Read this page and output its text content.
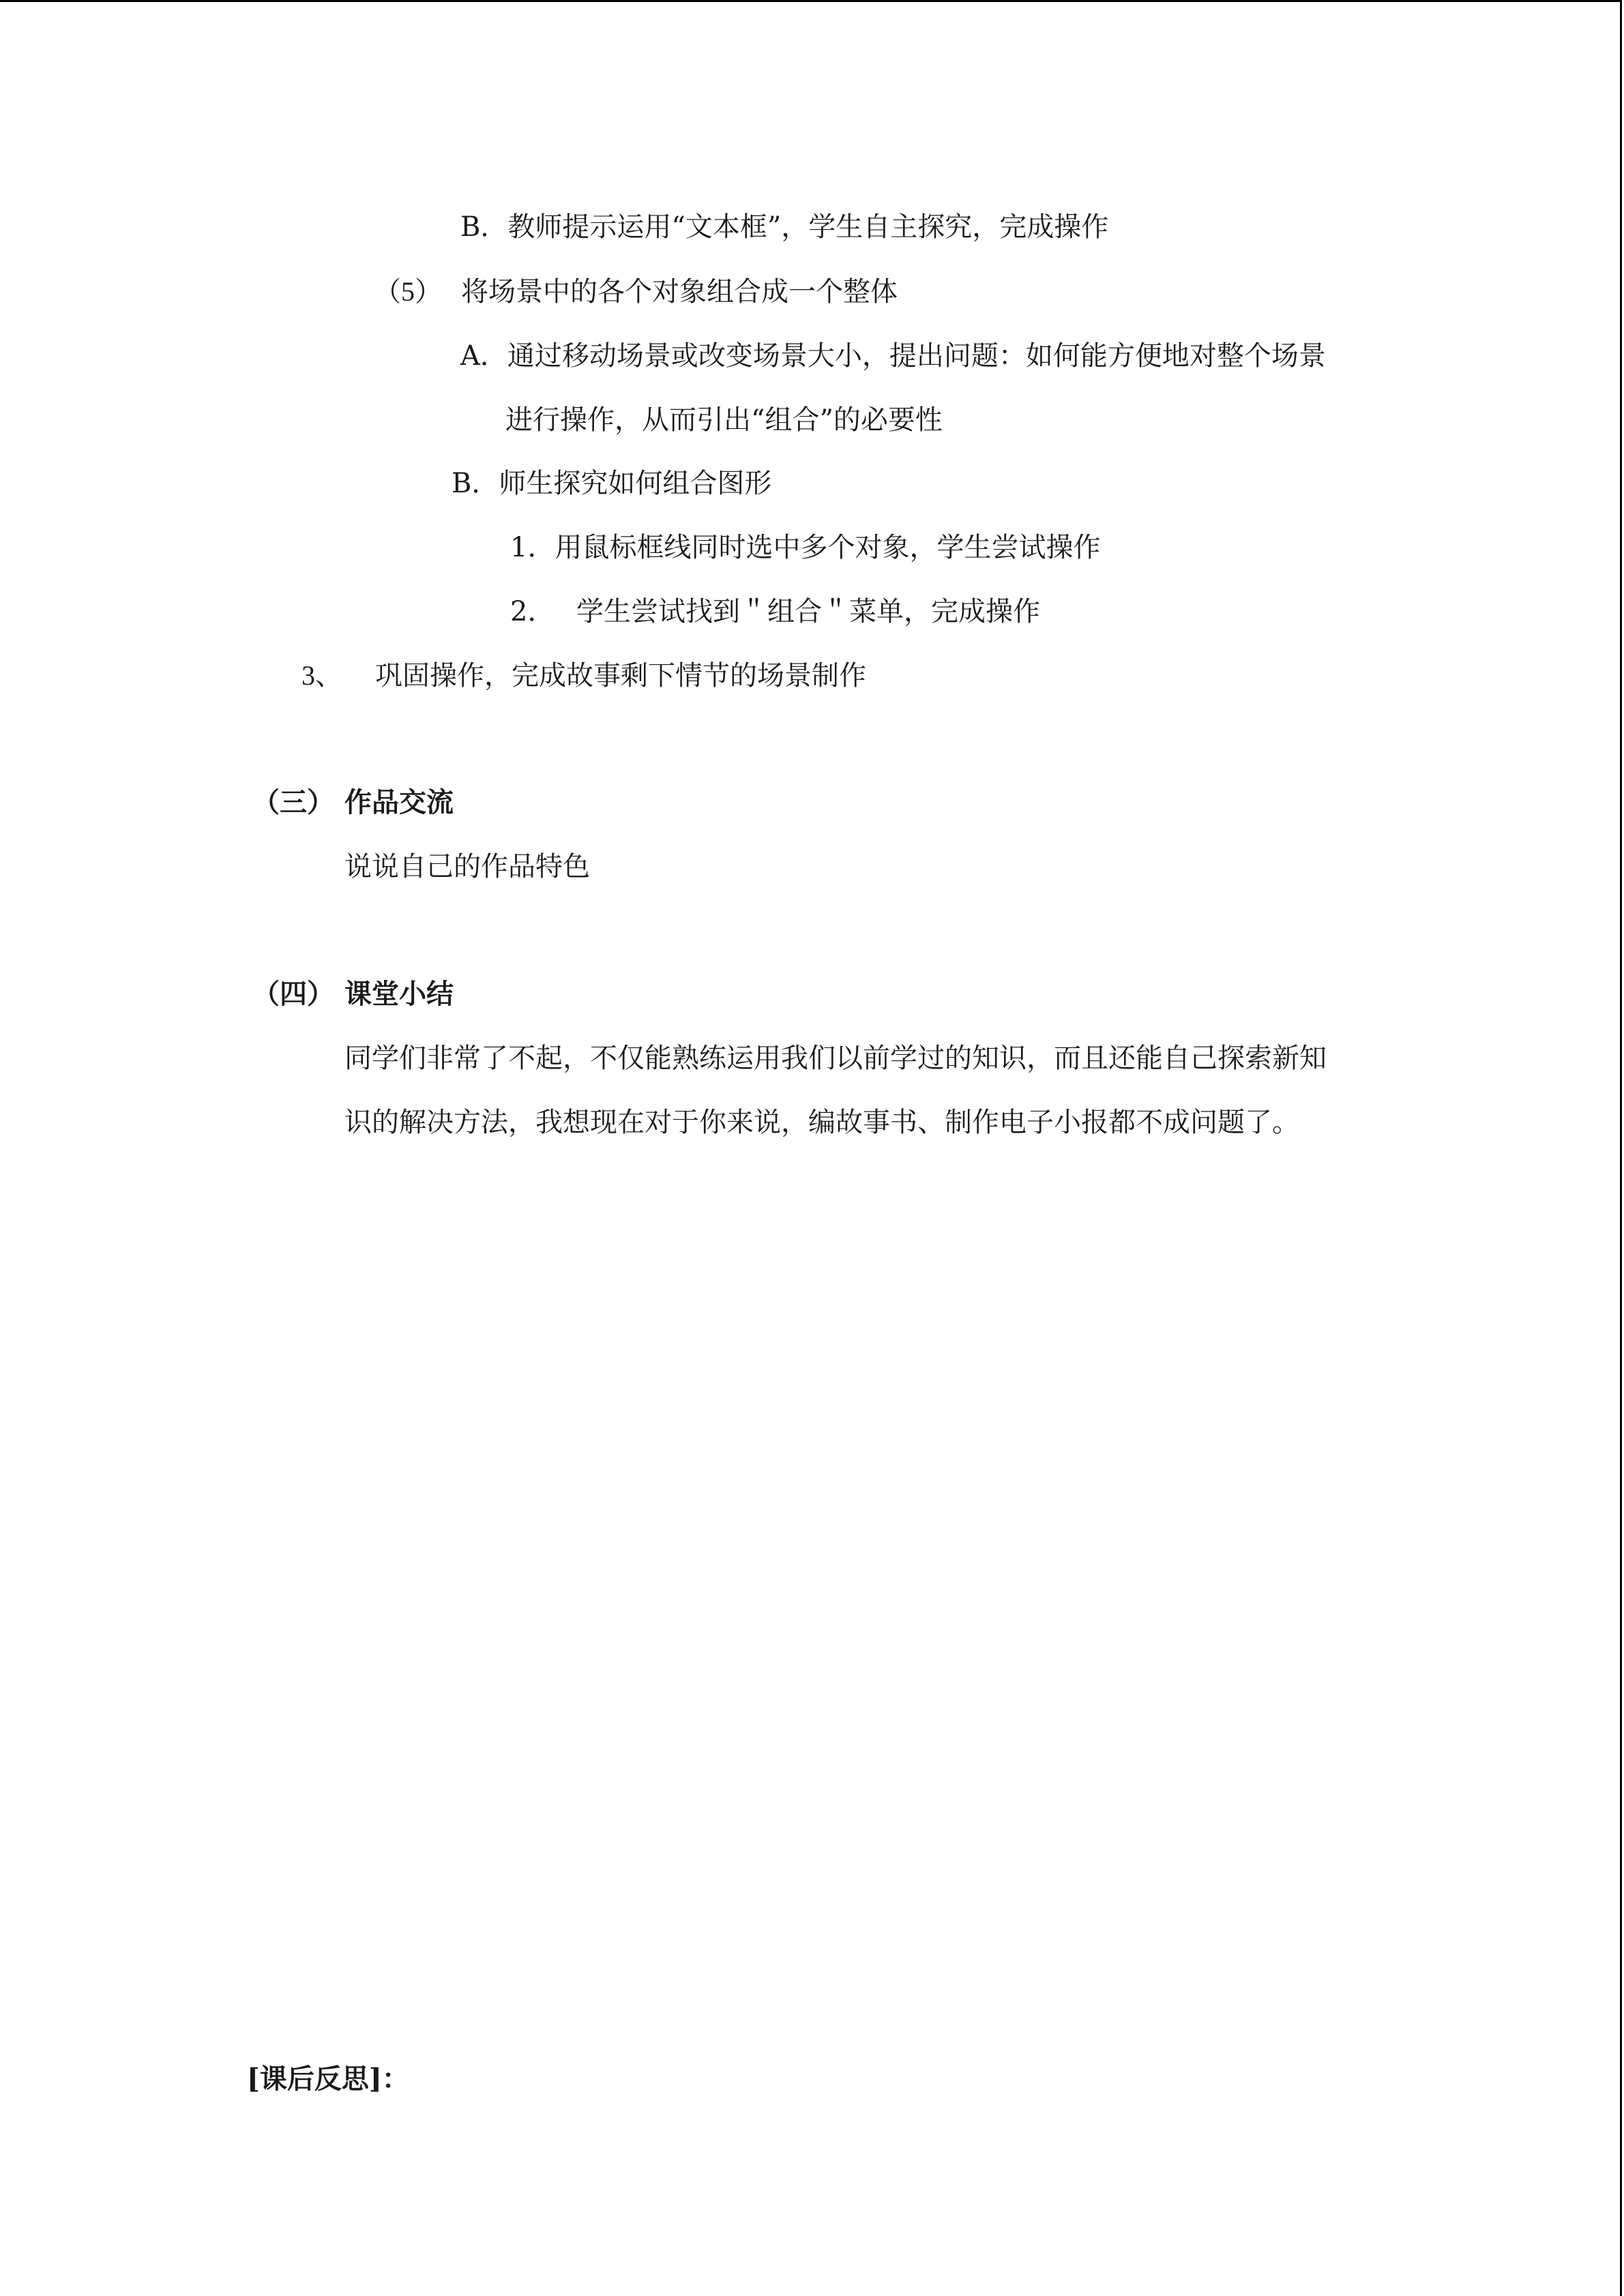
B．教师提示运用“文本框”，学生自主探究，完成操作
（5） 将场景中的各个对象组合成一个整体
A．通过移动场景或改变场景大小，提出问题：如何能方便地对整个场景
进行操作，从而引出“组合”的必要性
B．师生探究如何组合图形
1．用鼠标框线同时选中多个对象，学生尝试操作
2． 学生尝试找到＂组合＂菜单，完成操作
3、 巩固操作，完成故事剩下情节的场景制作
（三） 作品交流
说说自己的作品特色
（四） 课堂小结
同学们非常了不起，不仅能熟练运用我们以前学过的知识，而且还能自己探索新知
识的解决方法，我想现在对于你来说，编故事书、制作电子小报都不成问题了。
[课后反思]：
